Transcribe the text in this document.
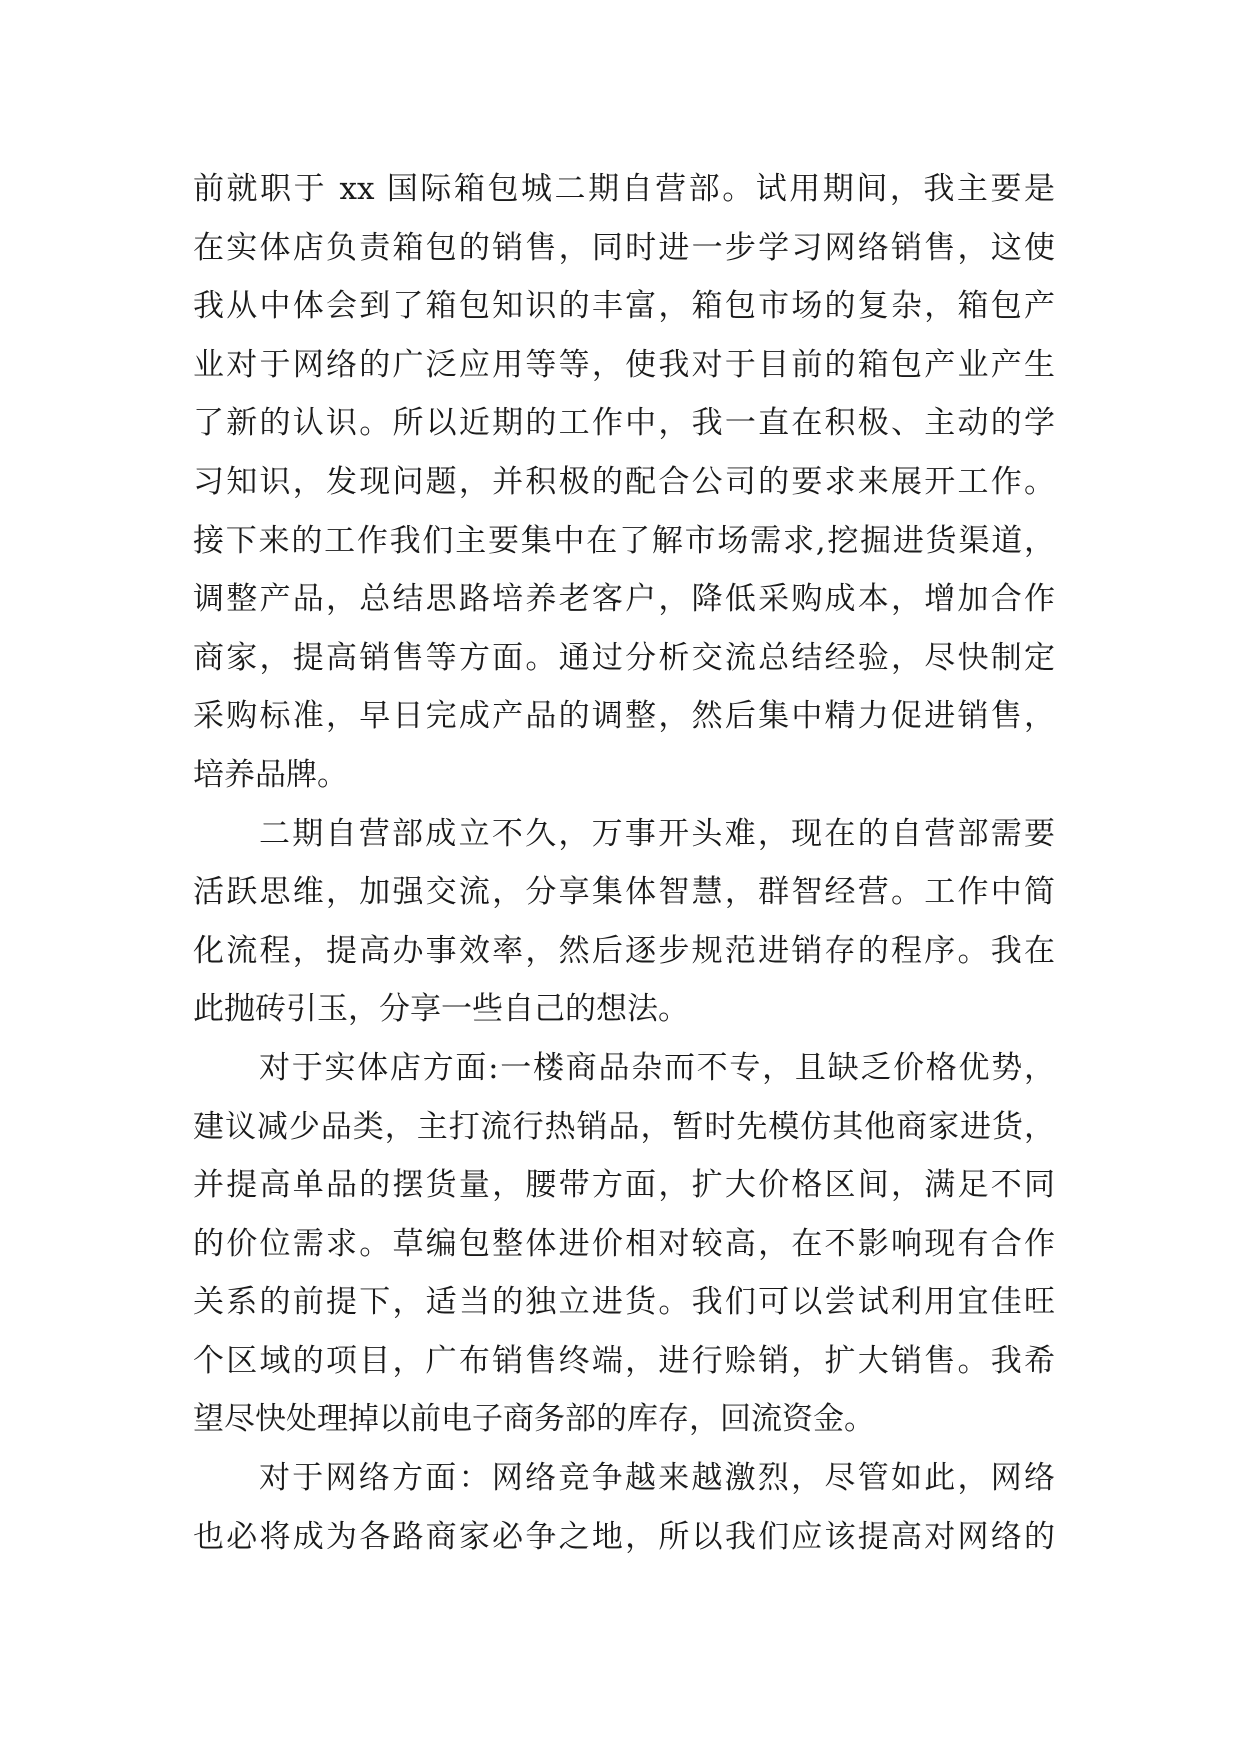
前就职于 xx 国际箱包城二期自营部。试用期间，我主要是
在实体店负责箱包的销售，同时进一步学习网络销售，这使
我从中体会到了箱包知识的丰富，箱包市场的复杂，箱包产
业对于网络的广泛应用等等，使我对于目前的箱包产业产生
了新的认识。所以近期的工作中，我一直在积极、主动的学
习知识，发现问题，并积极的配合公司的要求来展开工作。
接下来的工作我们主要集中在了解市场需求,挖掘进货渠道，
调整产品，总结思路培养老客户，降低采购成本，增加合作
商家，提高销售等方面。通过分析交流总结经验，尽快制定
采购标准，早日完成产品的调整，然后集中精力促进销售，
培养品牌。
二期自营部成立不久，万事开头难，现在的自营部需要
活跃思维，加强交流，分享集体智慧，群智经营。工作中简
化流程，提高办事效率，然后逐步规范进销存的程序。我在
此抛砖引玉，分享一些自己的想法。
对于实体店方面:一楼商品杂而不专，且缺乏价格优势，
建议减少品类，主打流行热销品，暂时先模仿其他商家进货，
并提高单品的摆货量，腰带方面，扩大价格区间，满足不同
的价位需求。草编包整体进价相对较高，在不影响现有合作
关系的前提下，适当的独立进货。我们可以尝试利用宜佳旺
个区域的项目，广布销售终端，进行赊销，扩大销售。我希
望尽快处理掉以前电子商务部的库存，回流资金。
对于网络方面：网络竞争越来越激烈，尽管如此，网络
也必将成为各路商家必争之地，所以我们应该提高对网络的
